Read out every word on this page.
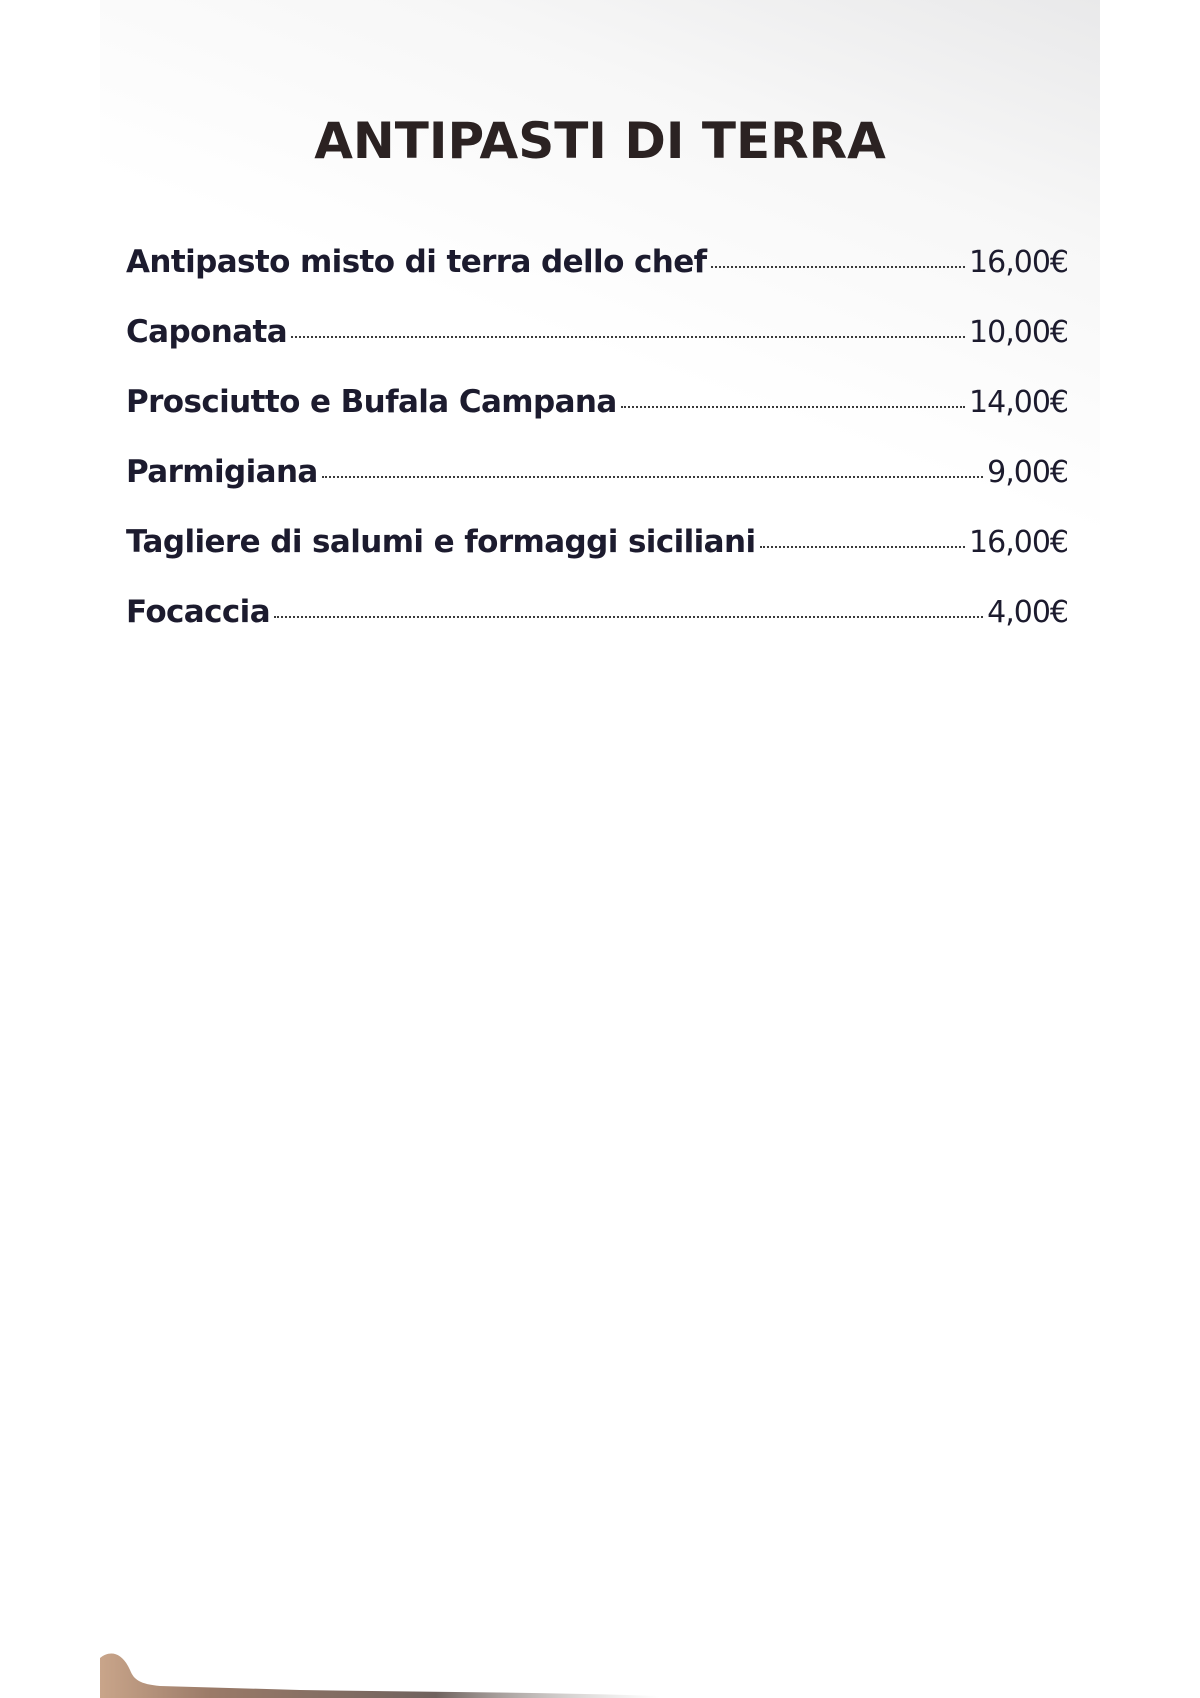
ANTIPASTI DI TERRA
Antipasto misto di terra dello chef	16,00€
Caponata	10,00€
Prosciutto e Bufala Campana	14,00€
Parmigiana	9,00€
Tagliere di salumi e formaggi siciliani	16,00€
Focaccia	4,00€
